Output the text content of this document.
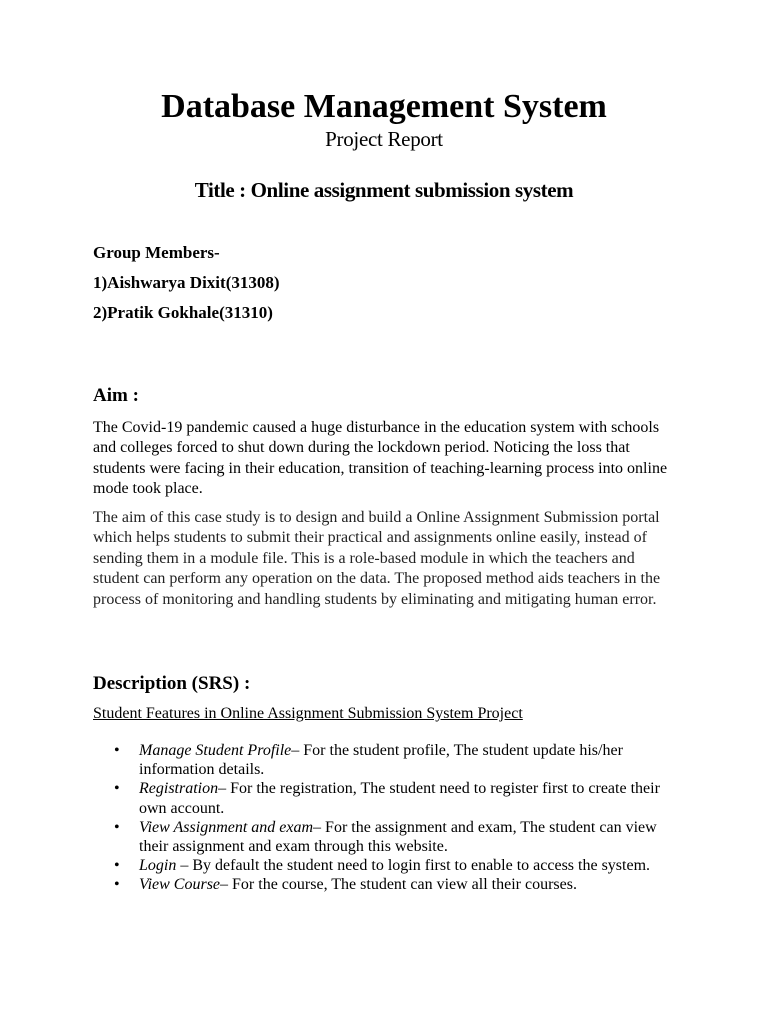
Database Management System
Project Report
Title : Online assignment submission system
Group Members-
1)Aishwarya Dixit(31308)
2)Pratik Gokhale(31310)
Aim :

The Covid-19 pandemic caused a huge disturbance in the education system with schools and colleges forced to shut down during the lockdown period. Noticing the loss that students were facing in their education, transition of teaching-learning process into online mode took place.

The aim of this case study is to design and build a Online Assignment Submission portal which helps students to submit their practical and assignments online easily, instead of sending them in a module file. This is a role-based module in which the teachers and student can perform any operation on the data. The proposed method aids teachers in the process of monitoring and handling students by eliminating and mitigating human error.

Description (SRS) :
Student Features in Online Assignment Submission System Project
• Manage Student Profile– For the student profile, The student update his/her information details.
• Registration– For the registration, The student need to register first to create their own account.
• View Assignment and exam– For the assignment and exam, The student can view their assignment and exam through this website.
• Login – By default the student need to login first to enable to access the system.
• View Course– For the course, The student can view all their courses.
